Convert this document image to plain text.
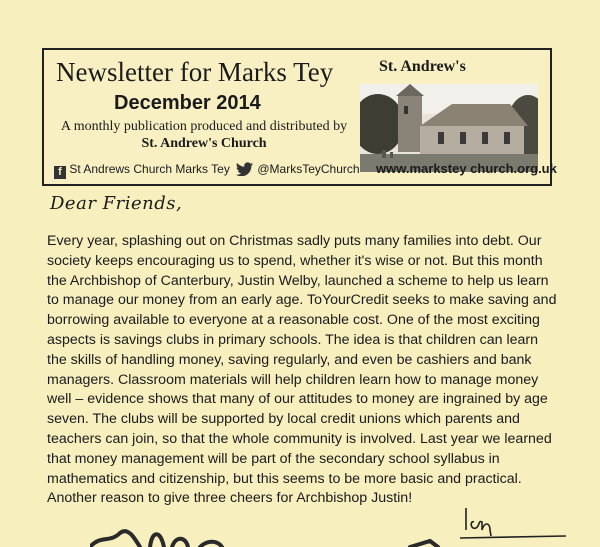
Newsletter for Marks Tey
December 2014
A monthly publication produced and distributed by St. Andrew's Church
St. Andrew's
f St Andrews Church Marks Tey	@MarksTeyChurch www.markstey church.org.uk
Dear Friends,

Every year, splashing out on Christmas sadly puts many families into debt. Our society keeps encouraging us to spend, whether it's wise or not. But this month the Archbishop of Canterbury, Justin Welby, launched a scheme to help us learn to manage our money from an early age. ToYourCredit seeks to make saving and borrowing available to everyone at a reasonable cost. One of the most exciting aspects is savings clubs in primary schools. The idea is that children can learn the skills of handling money, saving regularly, and even be cashiers and bank managers. Classroom materials will help children learn how to manage money well – evidence shows that many of our attitudes to money are ingrained by age seven. The clubs will be supported by local credit unions which parents and teachers can join, so that the whole community is involved. Last year we learned that money management will be part of the secondary school syllabus in mathematics and citizenship, but this seems to be more basic and practical. Another reason to give three cheers for Archbishop Justin!
